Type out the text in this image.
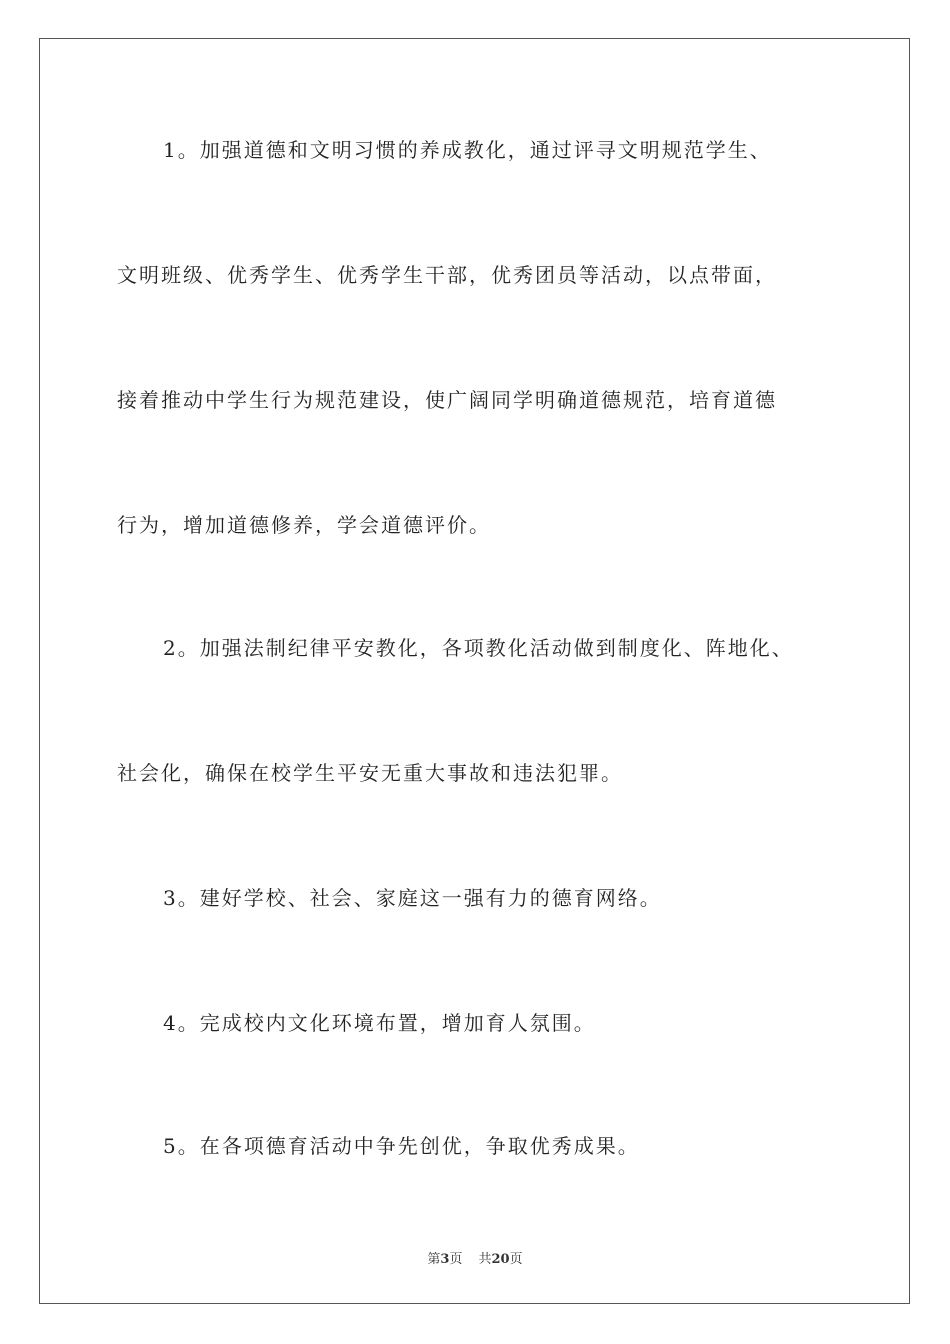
1。加强道德和文明习惯的养成教化，通过评寻文明规范学生、
文明班级、优秀学生、优秀学生干部，优秀团员等活动，以点带面，
接着推动中学生行为规范建设，使广阔同学明确道德规范，培育道德
行为，增加道德修养，学会道德评价。
2。加强法制纪律平安教化，各项教化活动做到制度化、阵地化、
社会化，确保在校学生平安无重大事故和违法犯罪。
3。建好学校、社会、家庭这一强有力的德育网络。
4。完成校内文化环境布置，增加育人氛围。
5。在各项德育活动中争先创优，争取优秀成果。
第3页 共20页
